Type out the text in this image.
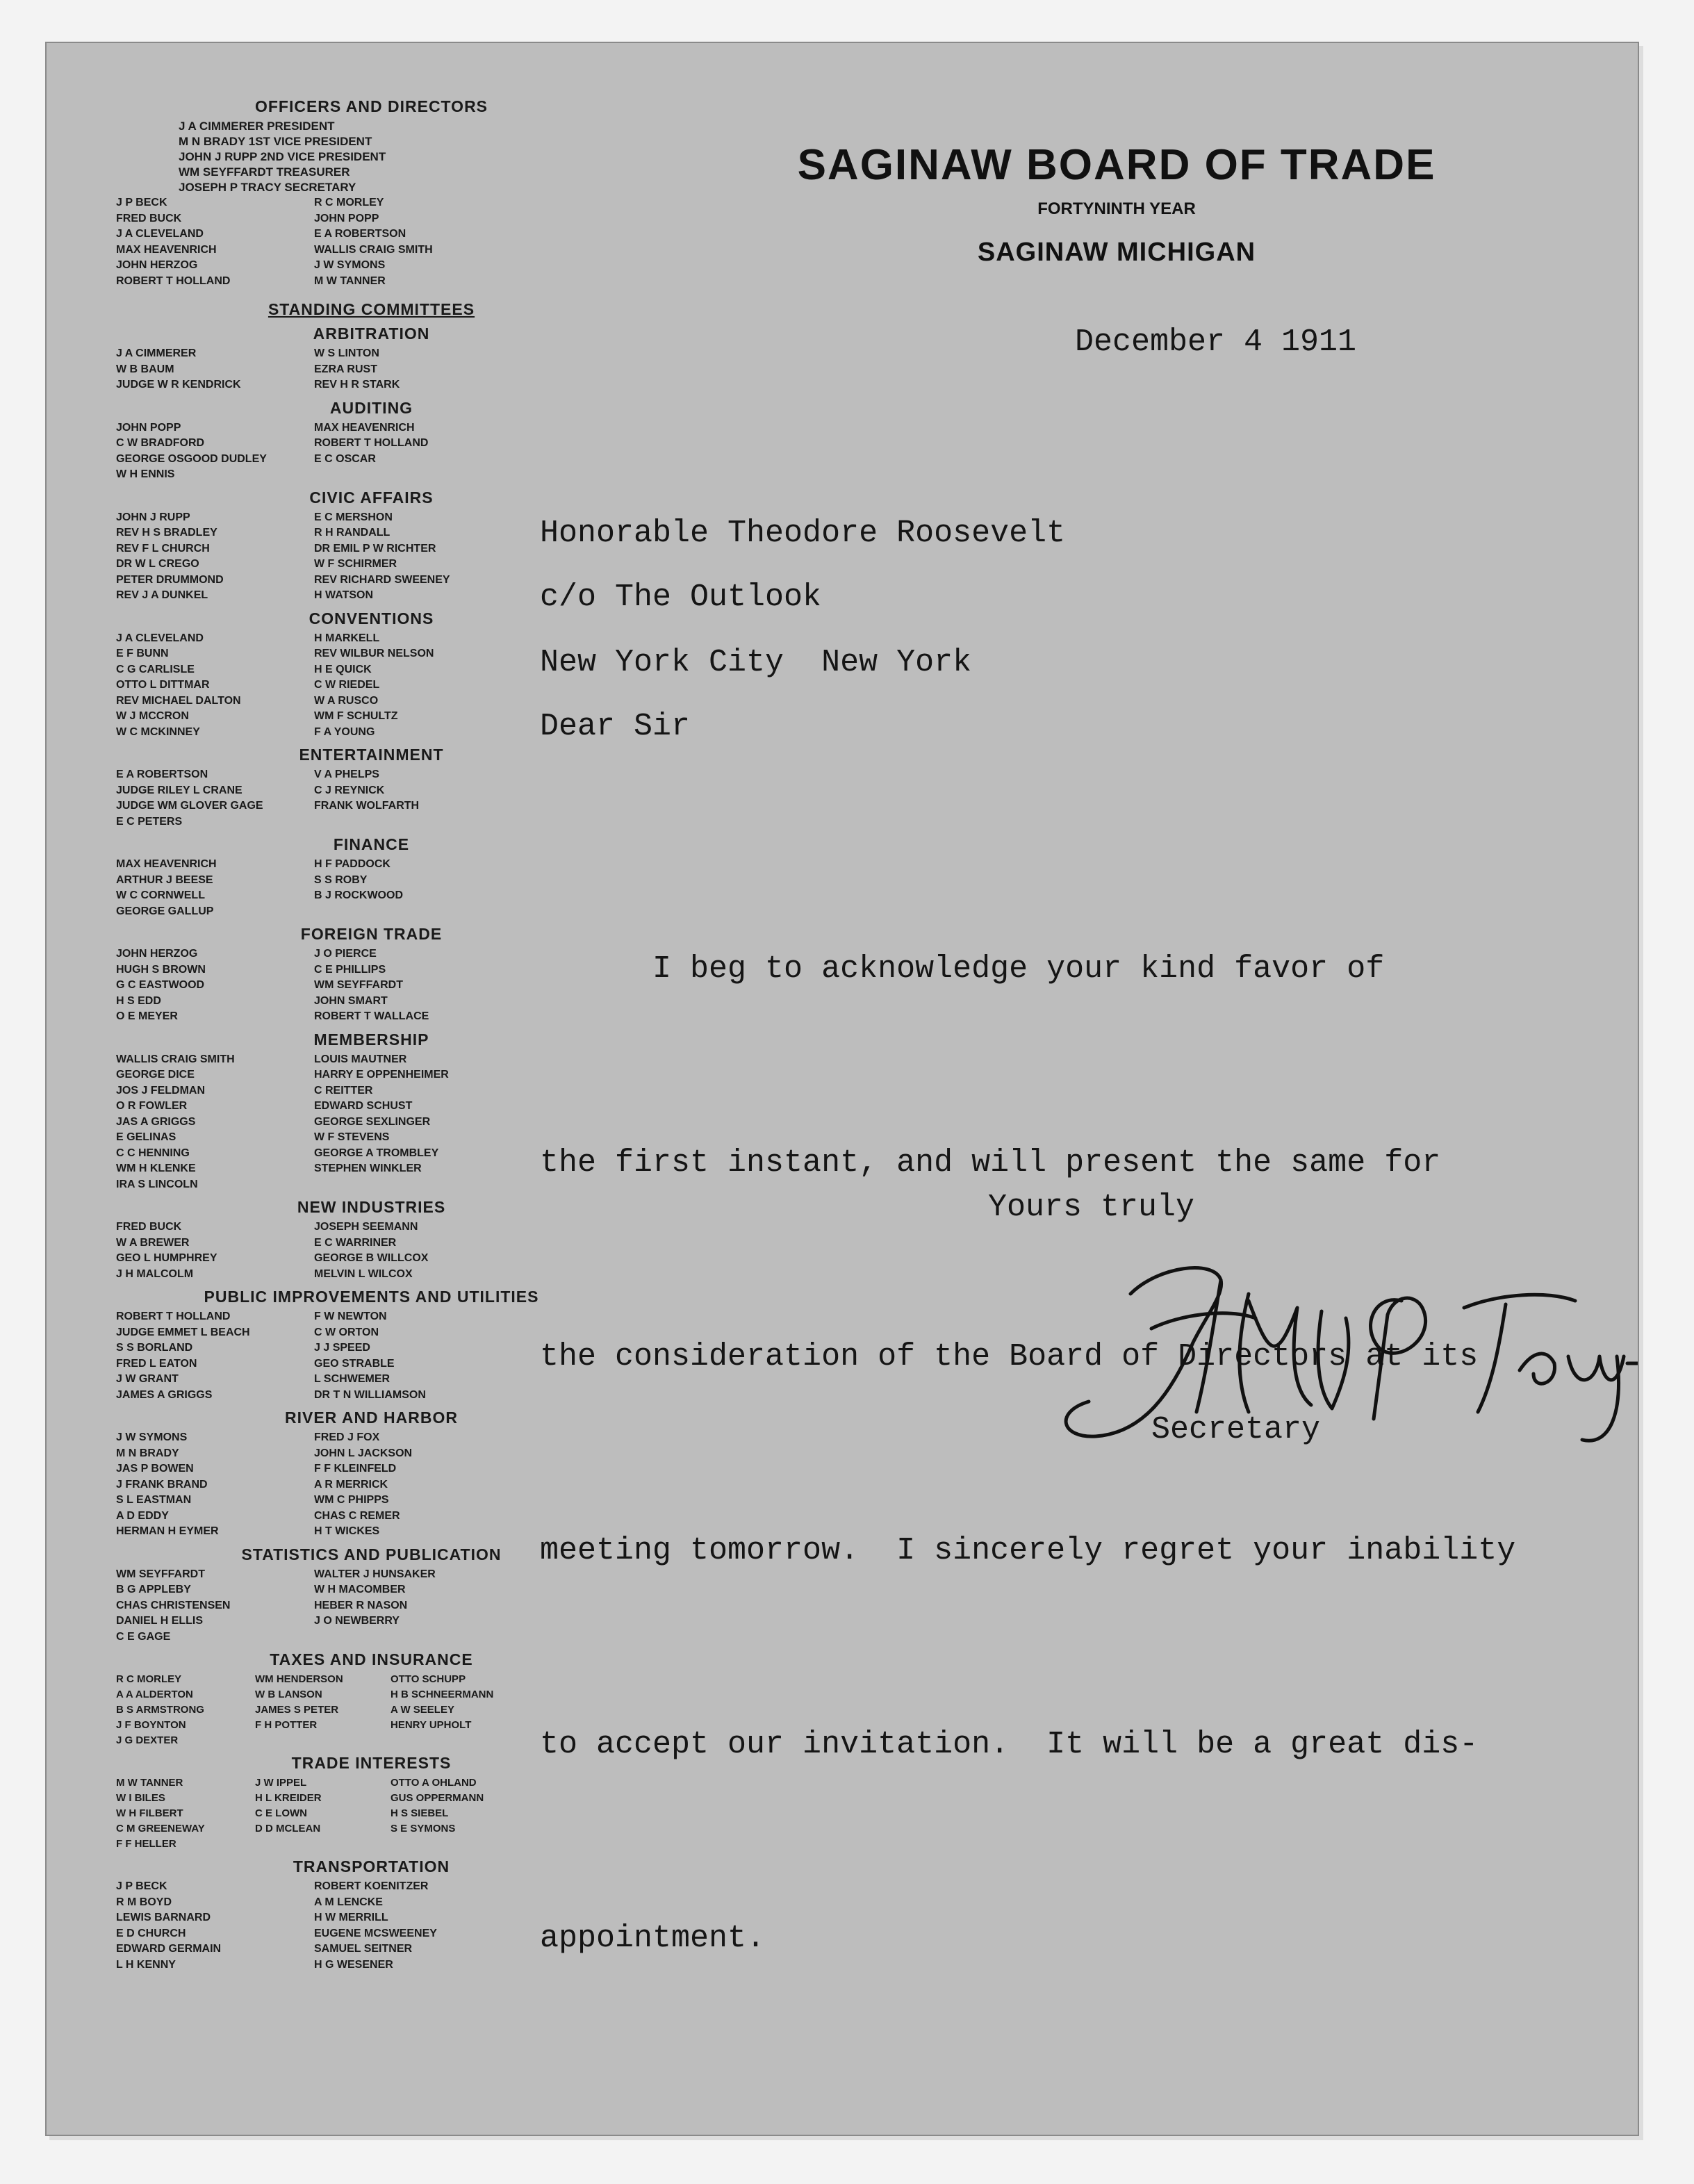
OFFICERS AND DIRECTORS
J A CIMMERER PRESIDENT
M N BRADY 1ST VICE PRESIDENT
JOHN J RUPP 2ND VICE PRESIDENT
WM SEYFFARDT TREASURER
JOSEPH P TRACY SECRETARY
J P BECK	R C MORLEY
FRED BUCK	JOHN POPP
J A CLEVELAND	E A ROBERTSON
MAX HEAVENRICH	WALLIS CRAIG SMITH
JOHN HERZOG	J W SYMONS
ROBERT T HOLLAND	M W TANNER
STANDING COMMITTEES
ARBITRATION
J A CIMMERER	W S LINTON
W B BAUM	EZRA RUST
JUDGE W R KENDRICK	REV H R STARK
AUDITING
JOHN POPP	MAX HEAVENRICH
C W BRADFORD	ROBERT T HOLLAND
GEORGE OSGOOD DUDLEY	E C OSCAR
W H ENNIS
CIVIC AFFAIRS
JOHN J RUPP	E C MERSHON
REV H S BRADLEY	R H RANDALL
REV F L CHURCH	DR EMIL P W RICHTER
DR W L CREGO	W F SCHIRMER
PETER DRUMMOND	REV RICHARD SWEENEY
REV J A DUNKEL	H WATSON
CONVENTIONS
J A CLEVELAND	H MARKELL
E F BUNN	REV WILBUR NELSON
C G CARLISLE	H E QUICK
OTTO L DITTMAR	C W RIEDEL
REV MICHAEL DALTON	W A RUSCO
W J MCCRON	WM F SCHULTZ
W C MCKINNEY	F A YOUNG
ENTERTAINMENT
E A ROBERTSON	V A PHELPS
JUDGE RILEY L CRANE	C J REYNICK
JUDGE WM GLOVER GAGE	FRANK WOLFARTH
E C PETERS
FINANCE
MAX HEAVENRICH	H F PADDOCK
ARTHUR J BEESE	S S ROBY
W C CORNWELL	B J ROCKWOOD
GEORGE GALLUP
FOREIGN TRADE
JOHN HERZOG	J O PIERCE
HUGH S BROWN	C E PHILLIPS
G C EASTWOOD	WM SEYFFARDT
H S EDD	JOHN SMART
O E MEYER	ROBERT T WALLACE
MEMBERSHIP
WALLIS CRAIG SMITH	LOUIS MAUTNER
GEORGE DICE	HARRY E OPPENHEIMER
JOS J FELDMAN	C REITTER
O R FOWLER	EDWARD SCHUST
JAS A GRIGGS	GEORGE SEXLINGER
E GELINAS	W F STEVENS
C C HENNING	GEORGE A TROMBLEY
WM H KLENKE	STEPHEN WINKLER
IRA S LINCOLN
NEW INDUSTRIES
FRED BUCK	JOSEPH SEEMANN
W A BREWER	E C WARRINER
GEO L HUMPHREY	GEORGE B WILLCOX
J H MALCOLM	MELVIN L WILCOX
PUBLIC IMPROVEMENTS AND UTILITIES
ROBERT T HOLLAND	F W NEWTON
JUDGE EMMET L BEACH	C W ORTON
S S BORLAND	J J SPEED
FRED L EATON	GEO STRABLE
J W GRANT	L SCHWEMER
JAMES A GRIGGS	DR T N WILLIAMSON
RIVER AND HARBOR
J W SYMONS	FRED J FOX
M N BRADY	JOHN L JACKSON
JAS P BOWEN	F F KLEINFELD
J FRANK BRAND	A R MERRICK
S L EASTMAN	WM C PHIPPS
A D EDDY	CHAS C REMER
HERMAN H EYMER	H T WICKES
STATISTICS AND PUBLICATION
WM SEYFFARDT	WALTER J HUNSAKER
B G APPLEBY	W H MACOMBER
CHAS CHRISTENSEN	HEBER R NASON
DANIEL H ELLIS	J O NEWBERRY
C E GAGE
TAXES AND INSURANCE
R C MORLEY	WM HENDERSON	OTTO SCHUPP
A A ALDERTON	W B LANSON	H B SCHNEERMANN
B S ARMSTRONG	JAMES S PETER	A W SEELEY
J F BOYNTON	F H POTTER	HENRY UPHOLT
J G DEXTER
TRADE INTERESTS
M W TANNER	J W IPPEL	OTTO A OHLAND
W I BILES	H L KREIDER	GUS OPPERMANN
W H FILBERT	C E LOWN	H S SIEBEL
C M GREENEWAY	D D MCLEAN	S E SYMONS
F F HELLER
TRANSPORTATION
J P BECK	ROBERT KOENITZER
R M BOYD	A M LENCKE
LEWIS BARNARD	H W MERRILL
E D CHURCH	EUGENE MCSWEENEY
EDWARD GERMAIN	SAMUEL SEITNER
L H KENNY	H G WESENER
SAGINAW BOARD OF TRADE
FORTYNINTH YEAR
SAGINAW MICHIGAN
December 4 1911
Honorable Theodore Roosevelt
c/o The Outlook
New York City  New York
Dear Sir

I beg to acknowledge your kind favor of

the first instant, and will present the same for

the consideration of the Board of Directors at its

meeting tomorrow.  I sincerely regret your inability

to accept our invitation.  It will be a great dis-

appointment.

Yours truly
Secretary
